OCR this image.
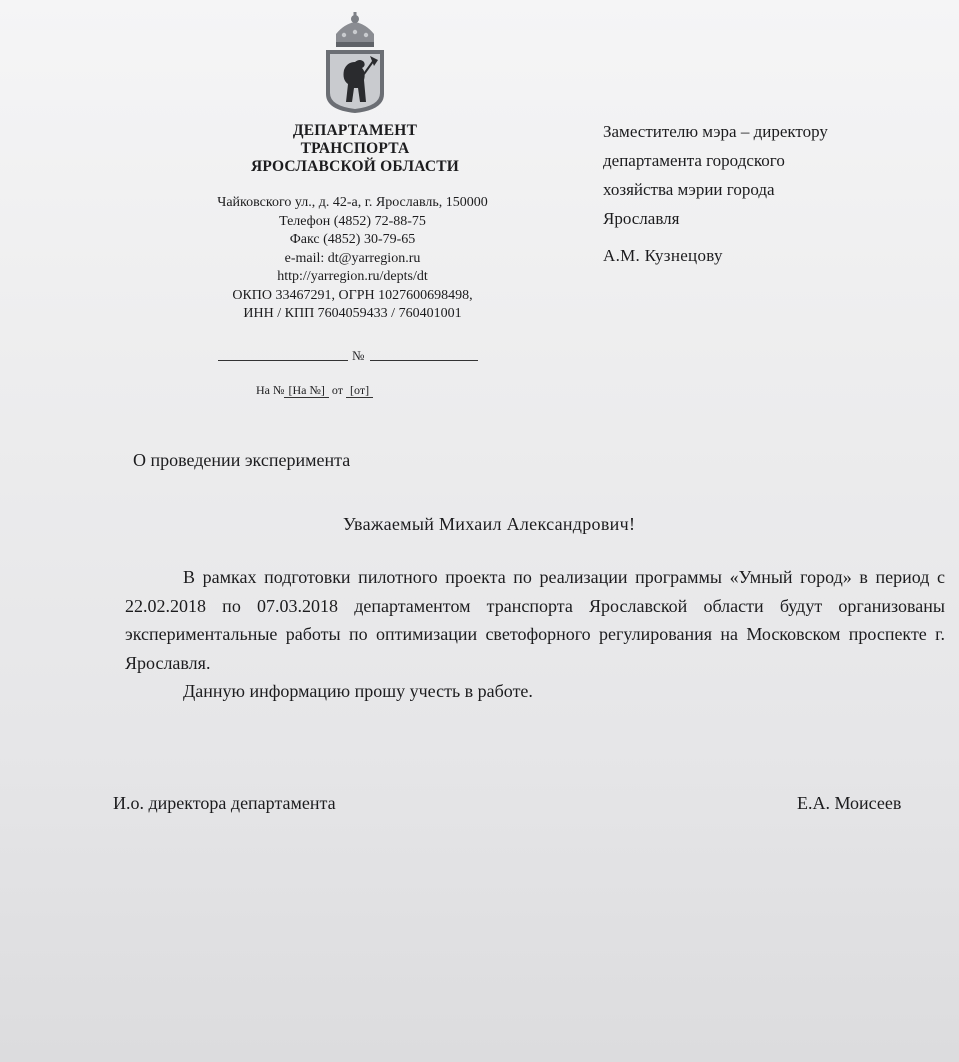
ДЕПАРТАМЕНТ
ТРАНСПОРТА
ЯРОСЛАВСКОЙ ОБЛАСТИ
Чайковского ул., д. 42-а, г. Ярославль, 150000
Телефон (4852) 72-88-75
Факс (4852) 30-79-65
e-mail: dt@yarregion.ru
http://yarregion.ru/depts/dt
ОКПО 33467291, ОГРН 1027600698498,
ИНН / КПП 7604059433 / 760401001
№
На № [На №] от [от]
Заместителю мэра – директору
департамента городского
хозяйства мэрии города
Ярославля
А.М. Кузнецову
О проведении эксперимента
Уважаемый Михаил Александрович!

В рамках подготовки пилотного проекта по реализации программы «Умный город» в период с 22.02.2018 по 07.03.2018 департаментом транспорта Ярославской области будут организованы экспериментальные работы по оптимизации светофорного регулирования на Московском проспекте г. Ярославля.

Данную информацию прошу учесть в работе.

И.о. директора департамента	Е.А. Моисеев
